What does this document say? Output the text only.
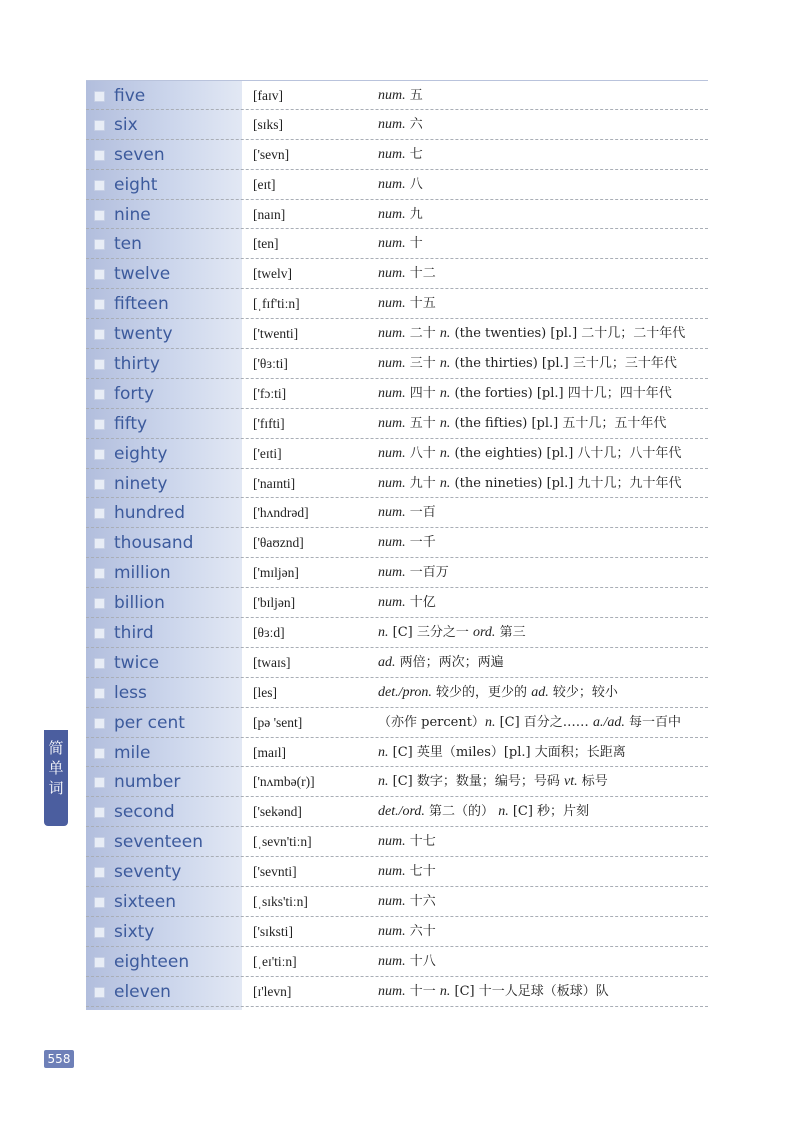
five	[faɪv]	num. 五
six	[sɪks]	num. 六
seven	['sevn]	num. 七
eight	[eɪt]	num. 八
nine	[naɪn]	num. 九
ten	[ten]	num. 十
twelve	[twelv]	num. 十二
fifteen	[ˌfɪf'tiːn]	num. 十五
twenty	['twenti]	num. 二十 n. (the twenties) [pl.] 二十几；二十年代
thirty	['θɜːti]	num. 三十 n. (the thirties) [pl.] 三十几；三十年代
forty	['fɔːti]	num. 四十 n. (the forties) [pl.] 四十几；四十年代
fifty	['fɪfti]	num. 五十 n. (the fifties) [pl.] 五十几；五十年代
eighty	['eɪti]	num. 八十 n. (the eighties) [pl.] 八十几；八十年代
ninety	['naɪnti]	num. 九十 n. (the nineties) [pl.] 九十几；九十年代
hundred	['hʌndrəd]	num. 一百
thousand	['θaʊznd]	num. 一千
million	['mɪljən]	num. 一百万
billion	['bɪljən]	num. 十亿
third	[θɜːd]	n. [C] 三分之一 ord. 第三
twice	[twaɪs]	ad. 两倍；两次；两遍
less	[les]	det./pron. 较少的，更少的 ad. 较少；较小
per cent	[pə 'sent]	（亦作 percent）n. [C] 百分之…… a./ad. 每一百中
mile	[maɪl]	n. [C] 英里（miles）[pl.] 大面积；长距离
number	['nʌmbə(r)]	n. [C] 数字；数量；编号；号码 vt. 标号
second	['sekənd]	det./ord. 第二（的） n. [C] 秒；片刻
seventeen	[ˌsevn'tiːn]	num. 十七
seventy	['sevnti]	num. 七十
sixteen	[ˌsɪks'tiːn]	num. 十六
sixty	['sɪksti]	num. 六十
eighteen	[ˌeɪ'tiːn]	num. 十八
eleven	[ɪ'levn]	num. 十一 n. [C] 十一人足球（板球）队
简
单
词
558
